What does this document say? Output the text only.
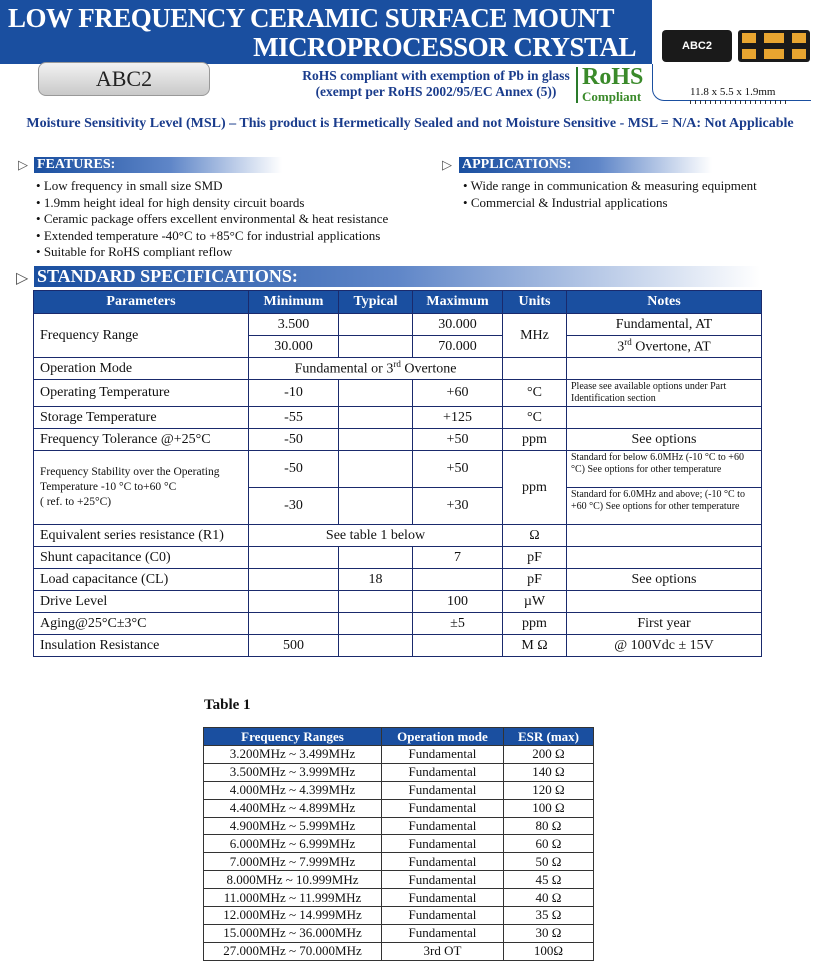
LOW FREQUENCY CERAMIC SURFACE MOUNT
MICROPROCESSOR CRYSTAL
ABC2	RoHS compliant with exemption of Pb in glass
(exempt per RoHS 2002/95/EC Annex (5))
RoHS
Compliant
ABC2
11.8 x 5.5 x 1.9mm
Moisture Sensitivity Level (MSL) – This product is Hermetically Sealed and not Moisture Sensitive - MSL = N/A: Not Applicable
▷ FEATURES:
• Low frequency in small size SMD
• 1.9mm height ideal for high density circuit boards
• Ceramic package offers excellent environmental & heat resistance
• Extended temperature -40°C to +85°C for industrial applications
• Suitable for RoHS compliant reflow
▷ APPLICATIONS:
• Wide range in communication & measuring equipment
• Commercial & Industrial applications
▷ STANDARD SPECIFICATIONS:
Parameters	Minimum	Typical	Maximum	Units	Notes
Frequency Range	3.500		30.000	MHz	Fundamental, AT
	30.000		70.000		3rd Overtone, AT
Operation Mode	Fundamental or 3rd Overtone				
Operating Temperature	-10		+60	°C	Please see available options under Part Identification section
Storage Temperature	-55		+125	°C	
Frequency Tolerance @+25°C	-50		+50	ppm	See options

Frequency Stability over the Operating
Temperature -10 °C to+60 °C
( ref. to +25°C)	-50		+50	ppm	Standard for below 6.0MHz (-10 °C to +60 °C) See options for other temperature
	-30		+30		Standard for 6.0MHz and above; (-10 °C to +60 °C) See options for other temperature
Equivalent series resistance (R1)	See table 1 below			Ω	
Shunt capacitance (C0)			7	pF	
Load capacitance (CL)		18		pF	See options
Drive Level			100	µW	
Aging@25°C±3°C			±5	ppm	First year
Insulation Resistance	500			M Ω	@ 100Vdc ± 15V
Table 1
Frequency Ranges	Operation mode	ESR (max)
3.200MHz ~ 3.499MHz	Fundamental	200 Ω
3.500MHz ~ 3.999MHz	Fundamental	140 Ω
4.000MHz ~ 4.399MHz	Fundamental	120 Ω
4.400MHz ~ 4.899MHz	Fundamental	100 Ω
4.900MHz ~ 5.999MHz	Fundamental	80 Ω
6.000MHz ~ 6.999MHz	Fundamental	60 Ω
7.000MHz ~ 7.999MHz	Fundamental	50 Ω
8.000MHz ~ 10.999MHz	Fundamental	45 Ω
11.000MHz ~ 11.999MHz	Fundamental	40 Ω
12.000MHz ~ 14.999MHz	Fundamental	35 Ω
15.000MHz ~ 36.000MHz	Fundamental	30 Ω
27.000MHz ~ 70.000MHz	3rd OT	100Ω
